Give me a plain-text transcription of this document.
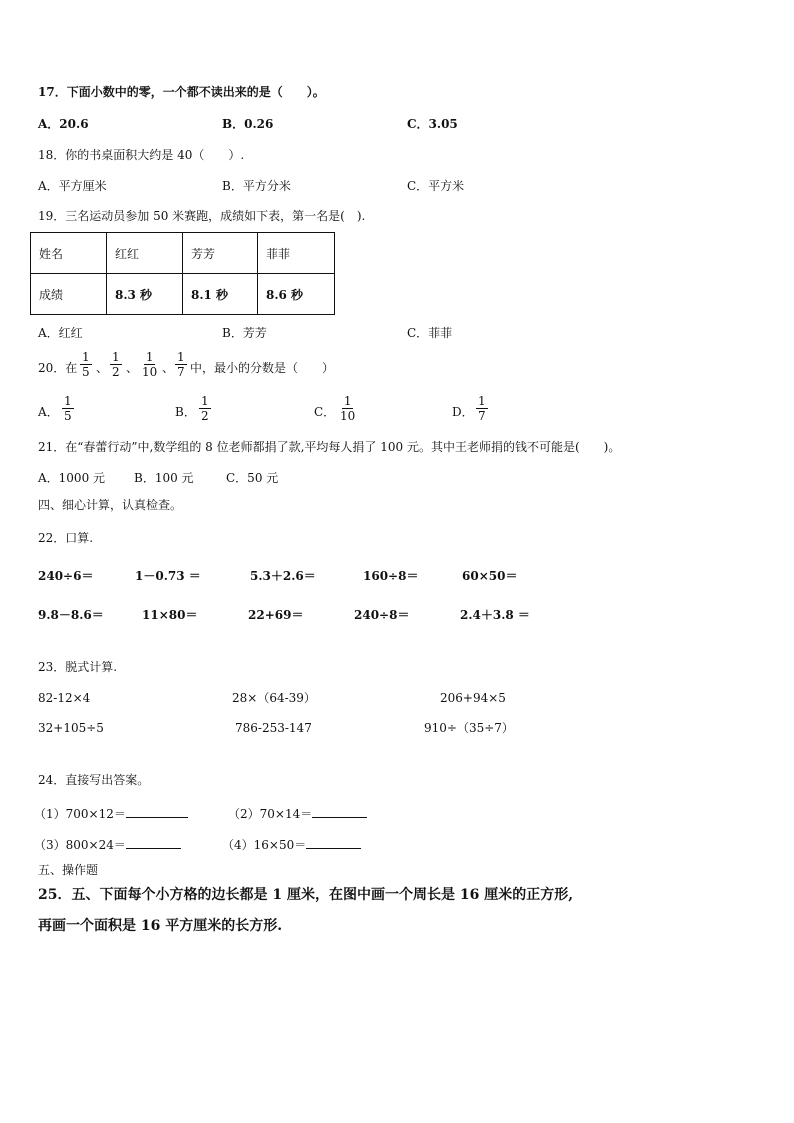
17．下面小数中的零，一个都不读出来的是（　　）。
A．20.6	B．0.26	C．3.05
18．你的书桌面积大约是 40（　　）.
A．平方厘米	B．平方分米	C．平方米
19．三名运动员参加 50 米赛跑，成绩如下表，第一名是(　).
姓名	红红	芳芳	菲菲
成绩	8.3 秒	8.1 秒	8.6 秒
A．红红	B．芳芳	C．菲菲
20．在 $\frac{1}{5}$ 、 $\frac{1}{2}$ 、 $\frac{1}{10}$ 、 $\frac{1}{7}$ 中，最小的分数是（　　）
A． $\frac{1}{5}$	B． $\frac{1}{2}$	C． $\frac{1}{10}$	D． $\frac{1}{7}$
21．在“春蕾行动”中,数学组的 8 位老师都捐了款,平均每人捐了 100 元。其中王老师捐的钱不可能是(　　)。
A．1000 元 B．100 元	C．50 元
四、细心计算，认真检查。
22．口算.
240÷6＝	1－0.73 ＝	5.3＋2.6＝	160÷8＝	60×50＝
9.8－8.6＝	11×80＝	22+69＝	240÷8＝	2.4＋3.8 ＝
23．脱式计算.
82-12×4	28×（64-39）	206+94×5
32+105÷5	786-253-147	910÷（35÷7）
24．直接写出答案。
（1）700×12＝	（2）70×14＝
（3）800×24＝	（4）16×50＝
五、操作题
25．五、下面每个小方格的边长都是 1 厘米，在图中画一个周长是 16 厘米的正方形,
再画一个面积是 16 平方厘米的长方形.
